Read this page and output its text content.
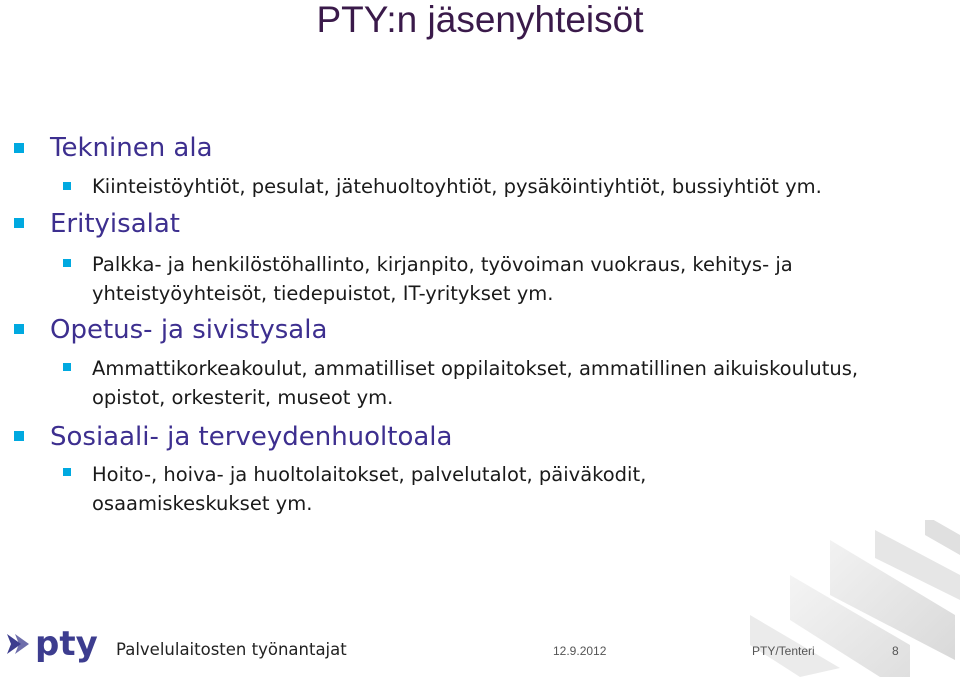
PTY:n jäsenyhteisöt
Tekninen ala
Kiinteistöyhtiöt, pesulat, jätehuoltoyhtiöt, pysäköintiyhtiöt, bussiyhtiöt ym.
Erityisalat
Palkka- ja henkilöstöhallinto, kirjanpito, työvoiman vuokraus, kehitys- ja yhteistyöyhteisöt, tiedepuistot, IT-yritykset ym.
Opetus- ja sivistysala
Ammattikorkeakoulut, ammatilliset oppilaitokset, ammatillinen aikuiskoulutus, opistot, orkesterit, museot ym.
Sosiaali- ja terveydenhuoltoala
Hoito-, hoiva- ja huoltolaitokset, palvelutalot, päiväkodit, osaamiskeskukset ym.
pty Palvelulaitosten työnantajat	12.9.2012	PTY/Tenteri	8
